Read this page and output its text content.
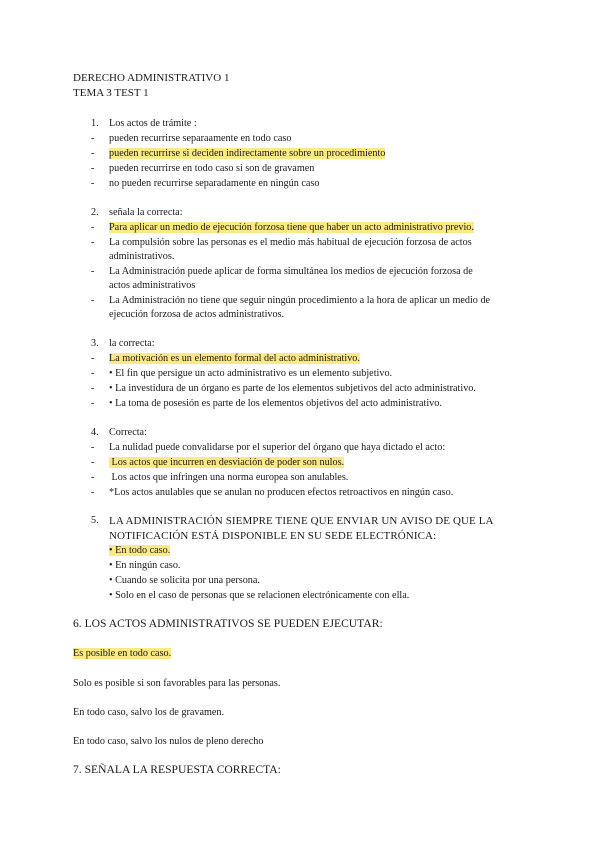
DERECHO ADMINISTRATIVO 1
TEMA 3 TEST 1
1. Los actos de trámite :
- pueden recurrirse separaamente en todo caso
- pueden recurrirse si deciden indirectamente sobre un procedimiento
- pueden recurrirse en todo caso si son de gravamen
- no pueden recurrirse separadamente en ningún caso
2. señala la correcta:
- Para aplicar un medio de ejecución forzosa tiene que haber un acto administrativo previo.
- La compulsión sobre las personas es el medio más habitual de ejecución forzosa de actos
administrativos.
- La Administración puede aplicar de forma simultánea los medios de ejecución forzosa de
actos administrativos
- La Administración no tiene que seguir ningún procedimiento a la hora de aplicar un medio de
ejecución forzosa de actos administrativos.
3. la correcta:
- La motivación es un elemento formal del acto administrativo.
- • El fin que persigue un acto administrativo es un elemento subjetivo.
- • La investidura de un órgano es parte de los elementos subjetivos del acto administrativo.
- • La toma de posesión es parte de los elementos objetivos del acto administrativo.
4. Correcta:
- La nulidad puede convalidarse por el superior del órgano que haya dictado el acto:
- Los actos que incurren en desviación de poder son nulos.
- Los actos que infringen una norma europea son anulables.
- *Los actos anulables que se anulan no producen efectos retroactivos en ningún caso.
5. LA ADMINISTRACIÓN SIEMPRE TIENE QUE ENVIAR UN AVISO DE QUE LA
NOTIFICACIÓN ESTÁ DISPONIBLE EN SU SEDE ELECTRÓNICA:
• En todo caso.
• En ningún caso.
• Cuando se solicita por una persona.
• Solo en el caso de personas que se relacionen electrónicamente con ella.
6. LOS ACTOS ADMINISTRATIVOS SE PUEDEN EJECUTAR:
Es posible en todo caso.
Solo es posible si son favorables para las personas.
En todo caso, salvo los de gravamen.
En todo caso, salvo los nulos de pleno derecho
7. SEÑALA LA RESPUESTA CORRECTA:
